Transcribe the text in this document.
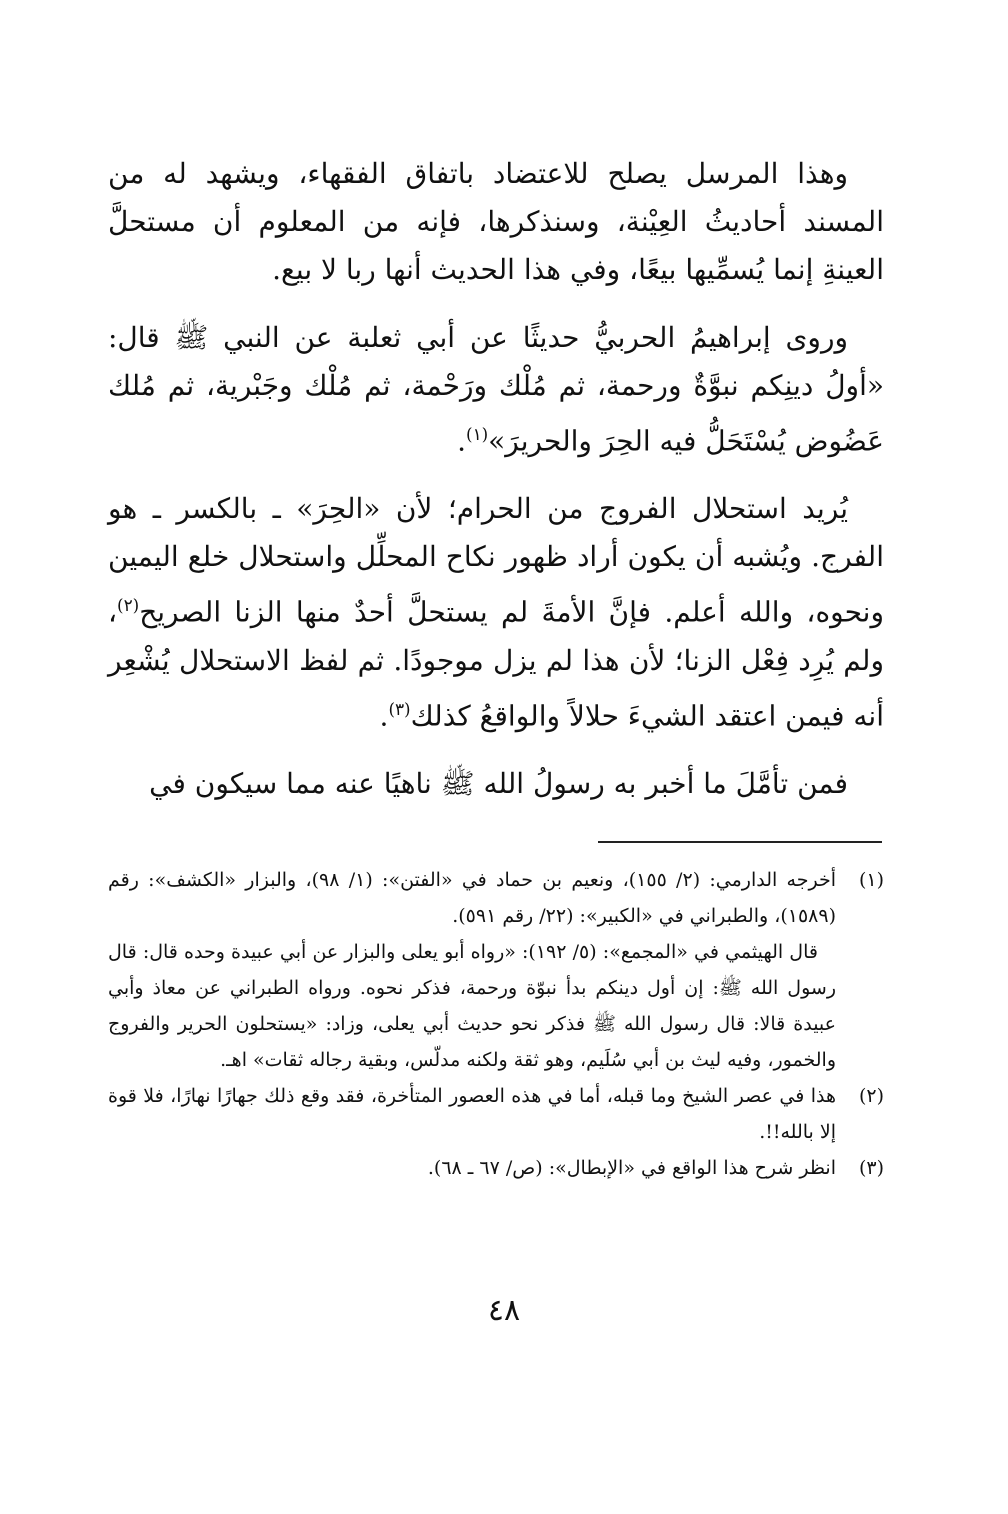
وهذا المرسل يصلح للاعتضاد باتفاق الفقهاء، ويشهد له من المسند أحاديثُ العِيْنة، وسنذكرها، فإنه من المعلوم أن مستحلَّ العينةِ إنما يُسمِّيها بيعًا، وفي هذا الحديث أنها ربا لا بيع.

وروى إبراهيمُ الحربيُّ حديثًا عن أبي ثعلبة عن النبي ﷺ قال: «أولُ دينِكم نبوَّةٌ ورحمة، ثم مُلْك ورَحْمة، ثم مُلْك وجَبْرية، ثم مُلك عَضُوض يُسْتَحَلُّ فيه الحِرَ والحريرَ»$^{(١)}$.

يُريد استحلال الفروج من الحرام؛ لأن «الحِرَ» ـ بالكسر ـ هو الفرج. ويُشبه أن يكون أراد ظهور نكاح المحلِّل واستحلال خلع اليمين ونحوه، والله أعلم. فإنَّ الأمةَ لم يستحلَّ أحدٌ منها الزنا الصريح$^{(٢)}$، ولم يُرِد فِعْل الزنا؛ لأن هذا لم يزل موجودًا. ثم لفظ الاستحلال يُشْعِر أنه فيمن اعتقد الشيءَ حلالاً والواقعُ كذلك$^{(٣)}$.

فمن تأمَّلَ ما أخبر به رسولُ الله ﷺ ناهيًا عنه مما سيكون في

(١)

أخرجه الدارمي: (٢/ ١٥٥)، ونعيم بن حماد في «الفتن»: (١/ ٩٨)، والبزار «الكشف»: رقم (١٥٨٩)، والطبراني في «الكبير»: (٢٢/ رقم ٥٩١).

قال الهيثمي في «المجمع»: (٥/ ١٩٢): «رواه أبو يعلى والبزار عن أبي عبيدة وحده قال: قال رسول الله ﷺ: إن أول دينكم بدأ نبوّة ورحمة، فذكر نحوه. ورواه الطبراني عن معاذ وأبي عبيدة قالا: قال رسول الله ﷺ فذكر نحو حديث أبي يعلى، وزاد: «يستحلون الحرير والفروج والخمور، وفيه ليث بن أبي سُلَيم، وهو ثقة ولكنه مدلّس، وبقية رجاله ثقات» اهـ.

(٢)

هذا في عصر الشيخ وما قبله، أما في هذه العصور المتأخرة، فقد وقع ذلك جهارًا نهارًا، فلا قوة إلا بالله!!.

(٣)

انظر شرح هذا الواقع في «الإبطال»: (ص/ ٦٧ ـ ٦٨).

٤٨
